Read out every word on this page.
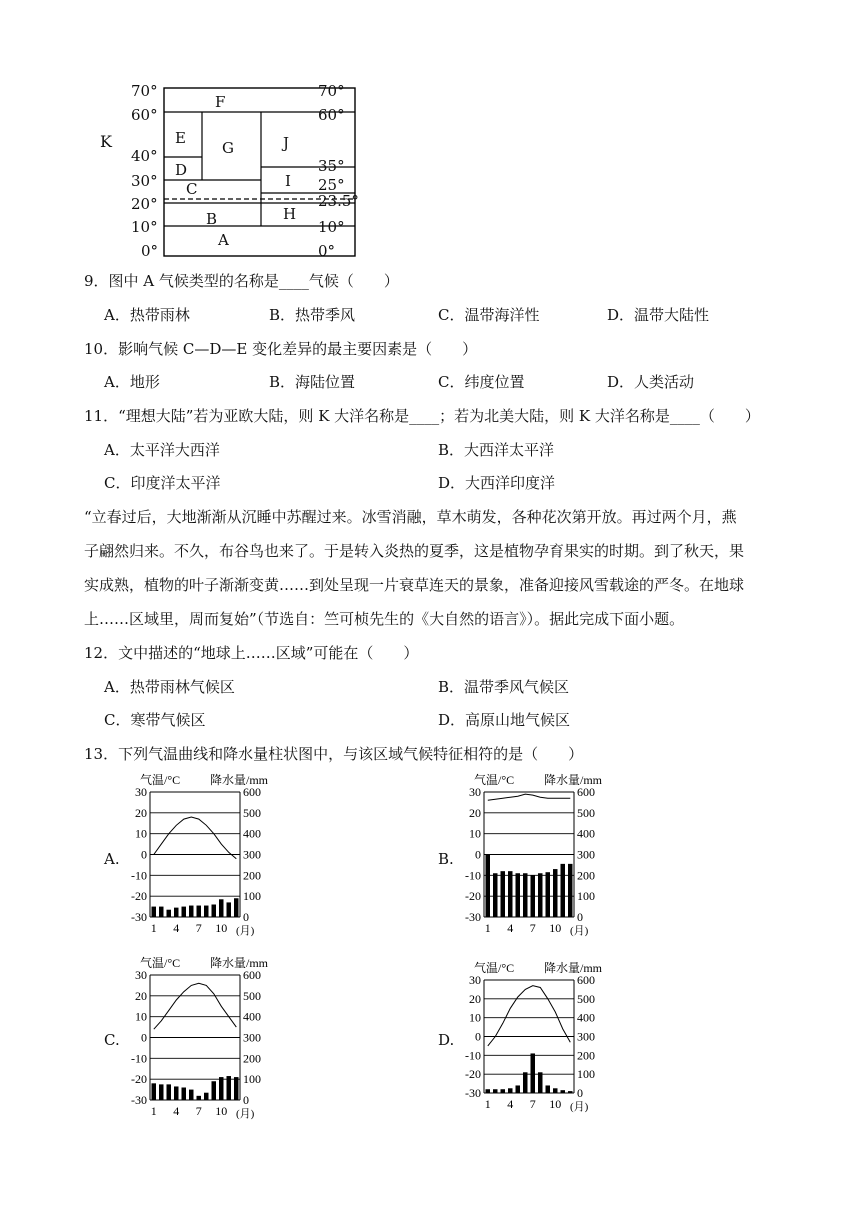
70°
60°
40°
30°
20°
10°
0°
70°
60°
35°
25°
23.5°
10°
0°
K
A
B
C
D
E
F
G
H
I
J
9．图中 A 气候类型的名称是____气候（　　）
A．热带雨林	B．热带季风	C．温带海洋性	D．温带大陆性
10．影响气候 C—D—E 变化差异的最主要因素是（　　）
A．地形	B．海陆位置	C．纬度位置	D．人类活动
11．“理想大陆”若为亚欧大陆，则 K 大洋名称是____；若为北美大陆，则 K 大洋名称是____（　　）
A．太平洋大西洋	B．大西洋太平洋
C．印度洋太平洋	D．大西洋印度洋
“立春过后，大地渐渐从沉睡中苏醒过来。冰雪消融，草木萌发，各种花次第开放。再过两个月，燕
子翩然归来。不久，布谷鸟也来了。于是转入炎热的夏季，这是植物孕育果实的时期。到了秋天，果
实成熟，植物的叶子渐渐变黄……到处呈现一片衰草连天的景象，准备迎接风雪载途的严冬。在地球
上……区域里，周而复始”（节选自：竺可桢先生的《大自然的语言》）。据此完成下面小题。
12．文中描述的“地球上……区域”可能在（　　）
A．热带雨林气候区	B．温带季风气候区
C．寒带气候区	D．高原山地气候区
13．下列气温曲线和降水量柱状图中，与该区域气候特征相符的是（　　）
A.
气温/°C 降水量/mm
30
20
10
0
-10
-20
-30
600
500
400
300
200
100
0
1 4 7 10 (月)
B.
气温/°C 降水量/mm
30
20
10
0
-10
-20
-30
600
500
400
300
200
100
0
1 4 7 10 (月)
C.
气温/°C 降水量/mm
30
20
10
0
-10
-20
-30
600
500
400
300
200
100
0
1 4 7 10 (月)
D.
气温/°C 降水量/mm
30
20
10
0
-10
-20
-30
600
500
400
300
200
100
0
1 4 7 10 (月)
